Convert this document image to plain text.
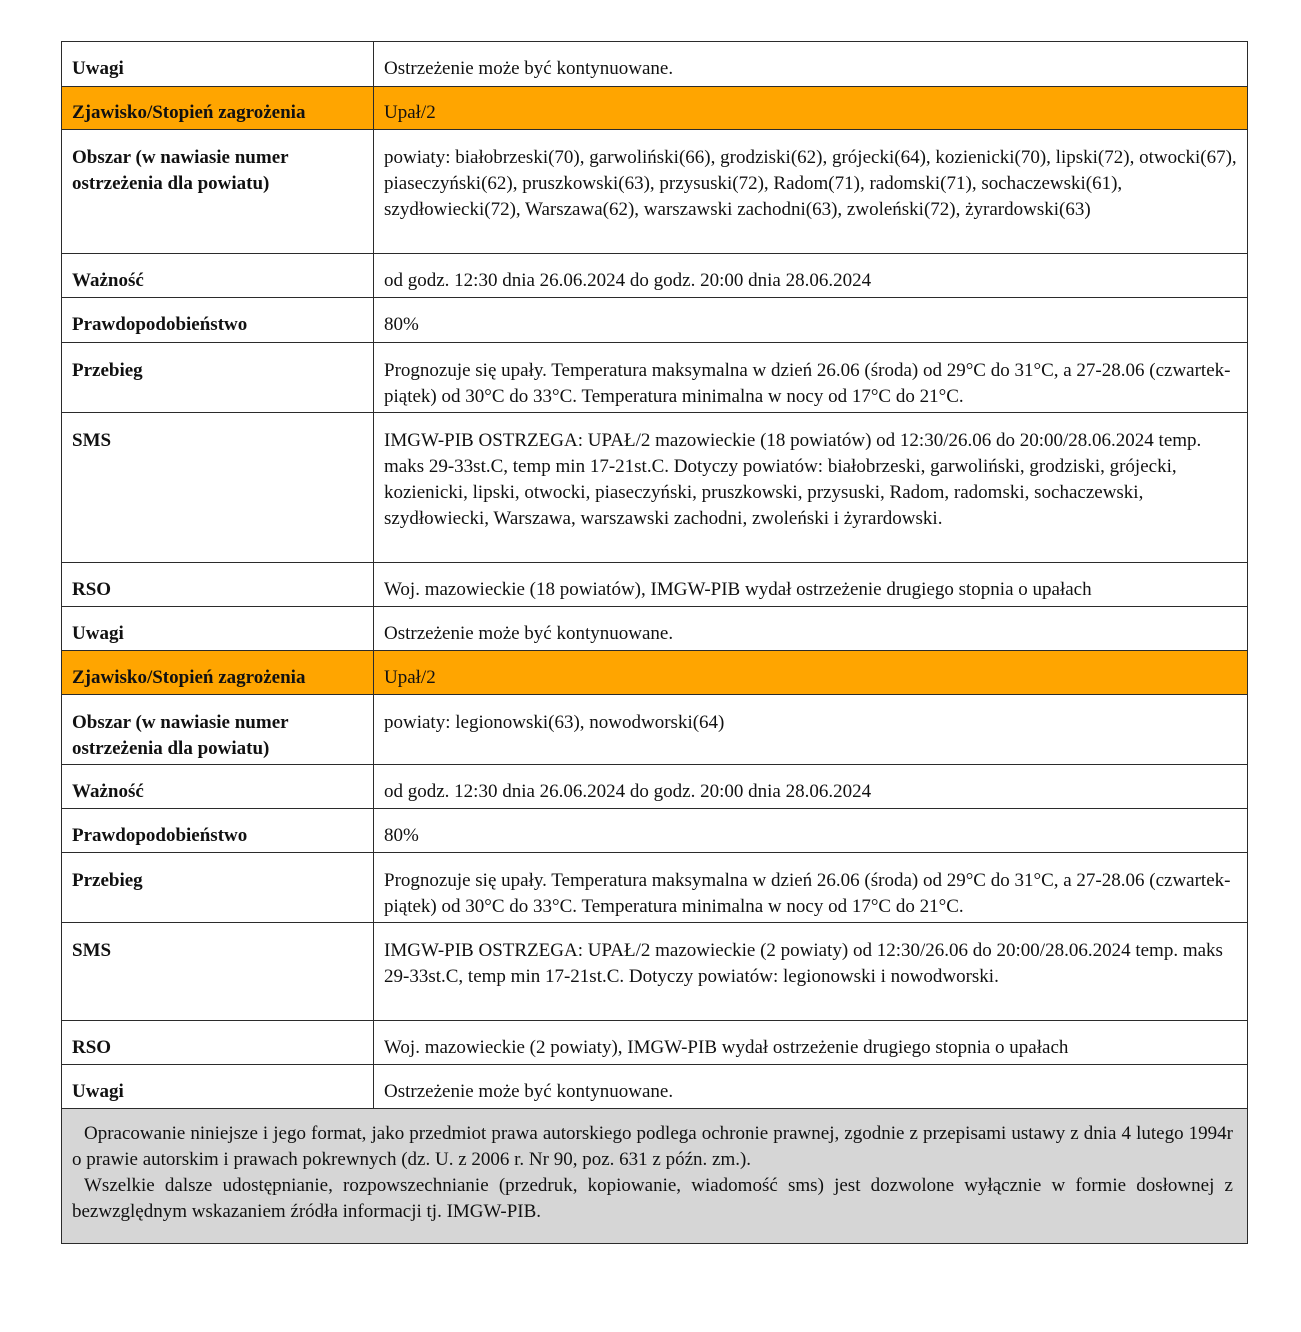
Uwagi	Ostrzeżenie może być kontynuowane.
Zjawisko/Stopień zagrożenia	Upał/2
Obszar (w nawiasie numer ostrzeżenia dla powiatu)	powiaty: białobrzeski(70), garwoliński(66), grodziski(62), grójecki(64), kozienicki(70), lipski(72), otwocki(67), piaseczyński(62), pruszkowski(63), przysuski(72), Radom(71), radomski(71), sochaczewski(61), szydłowiecki(72), Warszawa(62), warszawski zachodni(63), zwoleński(72), żyrardowski(63)
Ważność	od godz. 12:30 dnia 26.06.2024 do godz. 20:00 dnia 28.06.2024
Prawdopodobieństwo	80%
Przebieg	Prognozuje się upały. Temperatura maksymalna w dzień 26.06 (środa) od 29°C do 31°C, a 27-28.06 (czwartek-piątek) od 30°C do 33°C. Temperatura minimalna w nocy od 17°C do 21°C.
SMS	IMGW-PIB OSTRZEGA: UPAŁ/2 mazowieckie (18 powiatów) od 12:30/26.06 do 20:00/28.06.2024 temp. maks 29-33st.C, temp min 17-21st.C. Dotyczy powiatów: białobrzeski, garwoliński, grodziski, grójecki, kozienicki, lipski, otwocki, piaseczyński, pruszkowski, przysuski, Radom, radomski, sochaczewski, szydłowiecki, Warszawa, warszawski zachodni, zwoleński i żyrardowski.
RSO	Woj. mazowieckie (18 powiatów), IMGW-PIB wydał ostrzeżenie drugiego stopnia o upałach
Uwagi	Ostrzeżenie może być kontynuowane.
Zjawisko/Stopień zagrożenia	Upał/2
Obszar (w nawiasie numer ostrzeżenia dla powiatu)	powiaty: legionowski(63), nowodworski(64)
Ważność	od godz. 12:30 dnia 26.06.2024 do godz. 20:00 dnia 28.06.2024
Prawdopodobieństwo	80%
Przebieg	Prognozuje się upały. Temperatura maksymalna w dzień 26.06 (środa) od 29°C do 31°C, a 27-28.06 (czwartek-piątek) od 30°C do 33°C. Temperatura minimalna w nocy od 17°C do 21°C.
SMS	IMGW-PIB OSTRZEGA: UPAŁ/2 mazowieckie (2 powiaty) od 12:30/26.06 do 20:00/28.06.2024 temp. maks 29-33st.C, temp min 17-21st.C. Dotyczy powiatów: legionowski i nowodworski.
RSO	Woj. mazowieckie (2 powiaty), IMGW-PIB wydał ostrzeżenie drugiego stopnia o upałach
Uwagi	Ostrzeżenie może być kontynuowane.

Opracowanie niniejsze i jego format, jako przedmiot prawa autorskiego podlega ochronie prawnej, zgodnie z przepisami ustawy z dnia 4 lutego 1994r o prawie autorskim i prawach pokrewnych (dz. U. z 2006 r. Nr 90, poz. 631 z późn. zm.).

Wszelkie dalsze udostępnianie, rozpowszechnianie (przedruk, kopiowanie, wiadomość sms) jest dozwolone wyłącznie w formie dosłownej z bezwzględnym wskazaniem źródła informacji tj. IMGW-PIB.	
